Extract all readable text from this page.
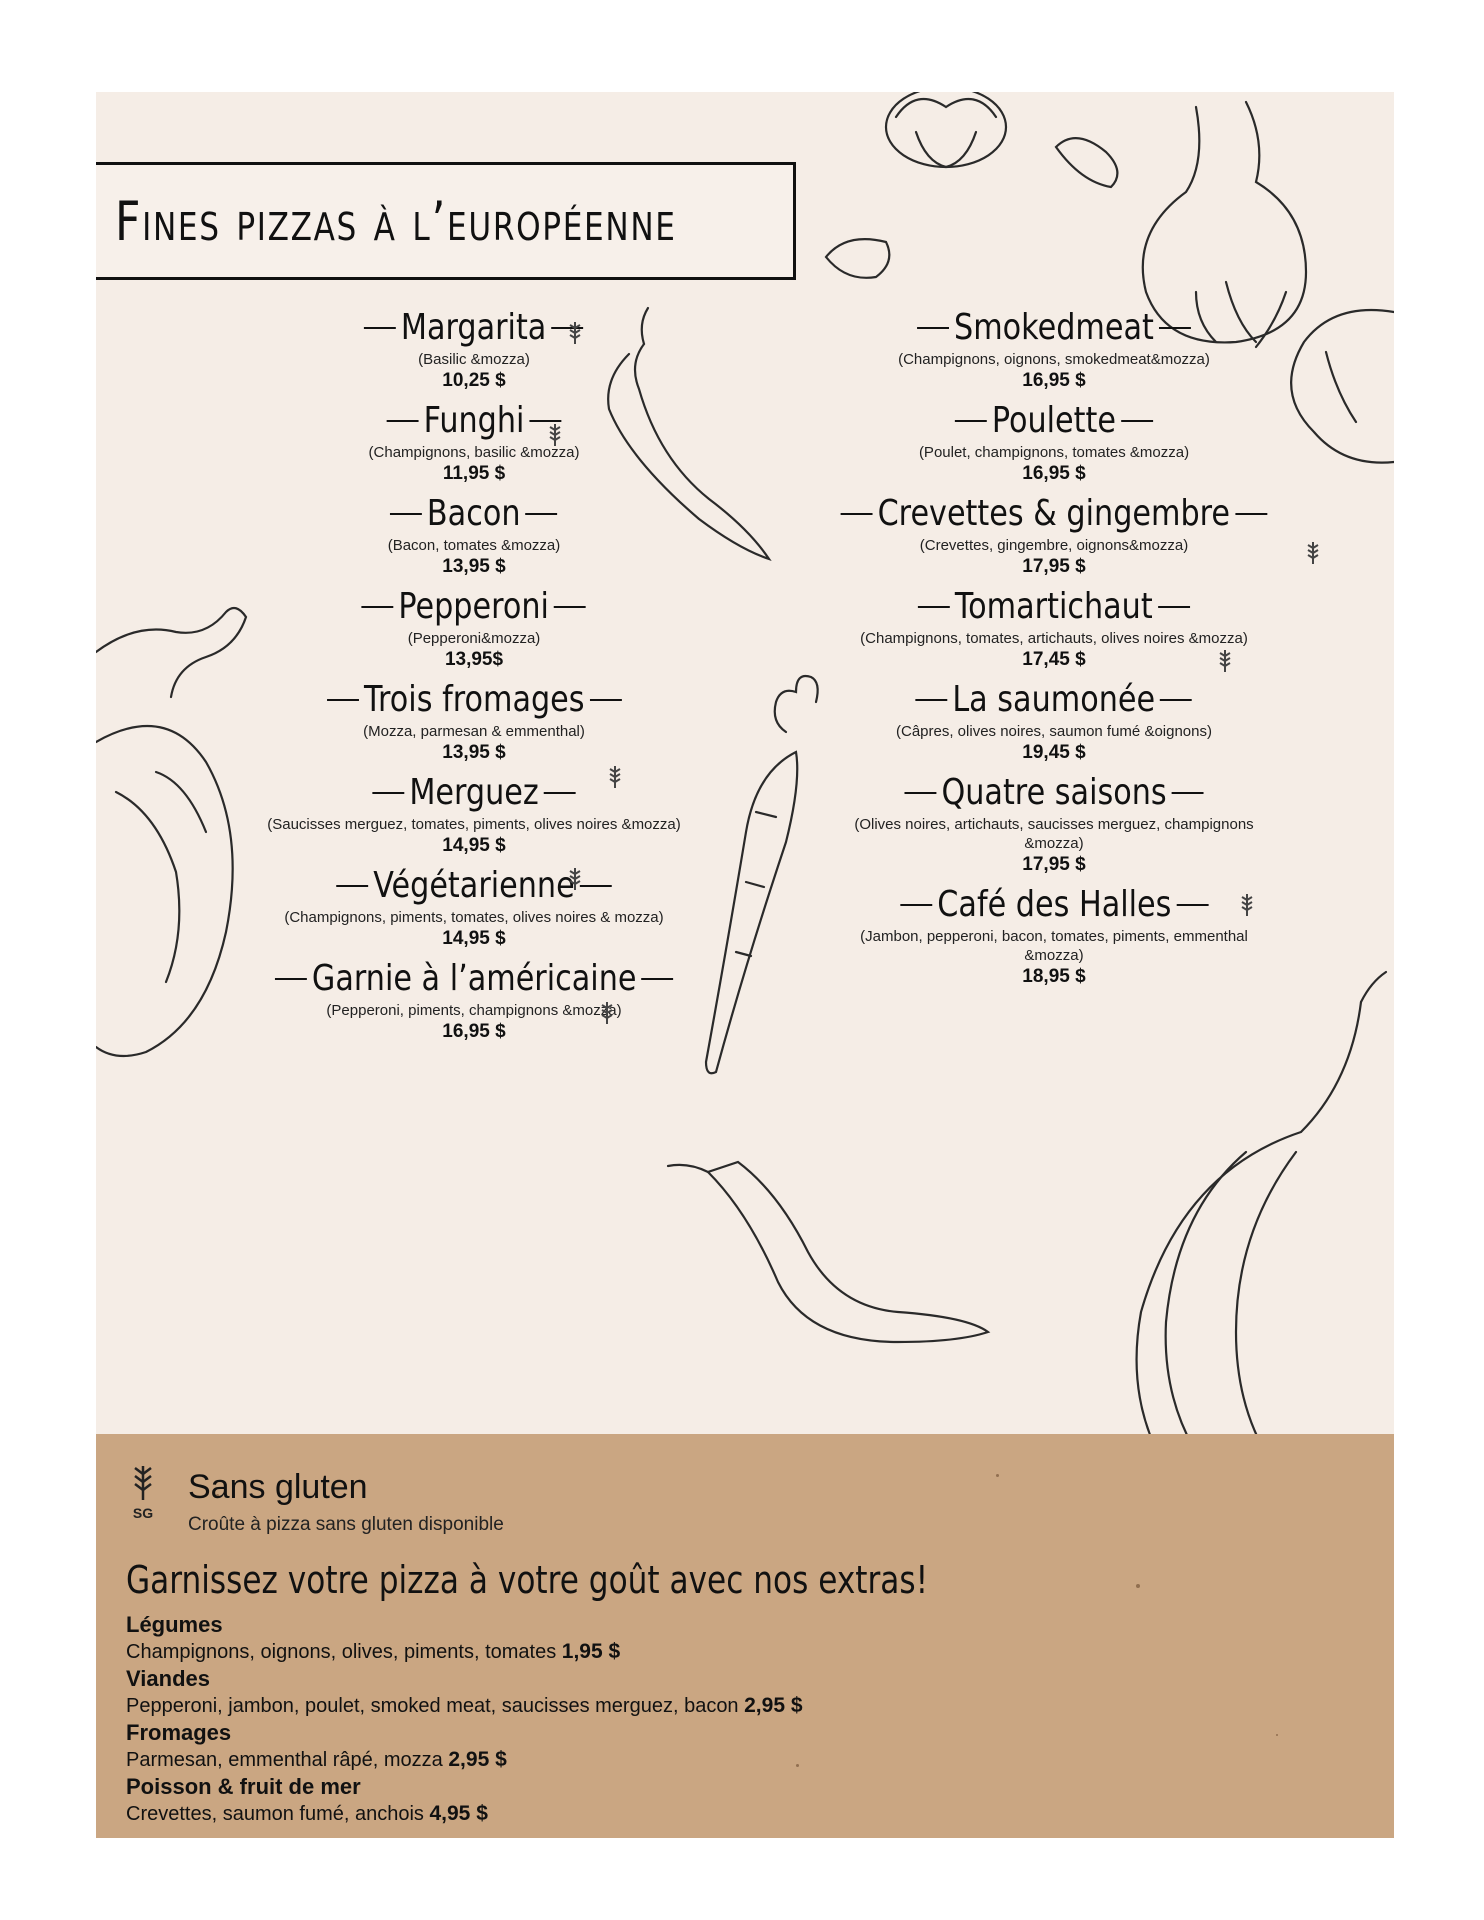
Fines pizzas à l’européenne
Margarita
(Basilic &mozza)
10,25 $
Funghi
(Champignons, basilic &mozza)
11,95 $
Bacon
(Bacon, tomates &mozza)
13,95 $
Pepperoni
(Pepperoni&mozza)
13,95$
Trois fromages
(Mozza, parmesan & emmenthal)
13,95 $
Merguez
(Saucisses merguez, tomates, piments, olives noires &mozza)
14,95 $
Végétarienne
(Champignons, piments, tomates, olives noires & mozza)
14,95 $
Garnie à l’américaine
(Pepperoni, piments, champignons &mozza)
16,95 $
Smokedmeat
(Champignons, oignons, smokedmeat&mozza)
16,95 $
Poulette
(Poulet, champignons, tomates &mozza)
16,95 $
Crevettes & gingembre
(Crevettes, gingembre, oignons&mozza)
17,95 $
Tomartichaut
(Champignons, tomates, artichauts, olives noires &mozza)
17,45 $
La saumonée
(Câpres, olives noires, saumon fumé &oignons)
19,45 $
Quatre saisons
(Olives noires, artichauts, saucisses merguez, champignons &mozza)
17,95 $
Café des Halles
(Jambon, pepperoni, bacon, tomates, piments, emmenthal &mozza)
18,95 $
SG
Sans gluten
Croûte à pizza sans gluten disponible
Garnissez votre pizza à votre goût avec nos extras!
Légumes
Champignons, oignons, olives, piments, tomates 1,95 $
Viandes
Pepperoni, jambon, poulet, smoked meat, saucisses merguez, bacon 2,95 $
Fromages
Parmesan, emmenthal râpé, mozza 2,95 $
Poisson & fruit de mer
Crevettes, saumon fumé, anchois 4,95 $
